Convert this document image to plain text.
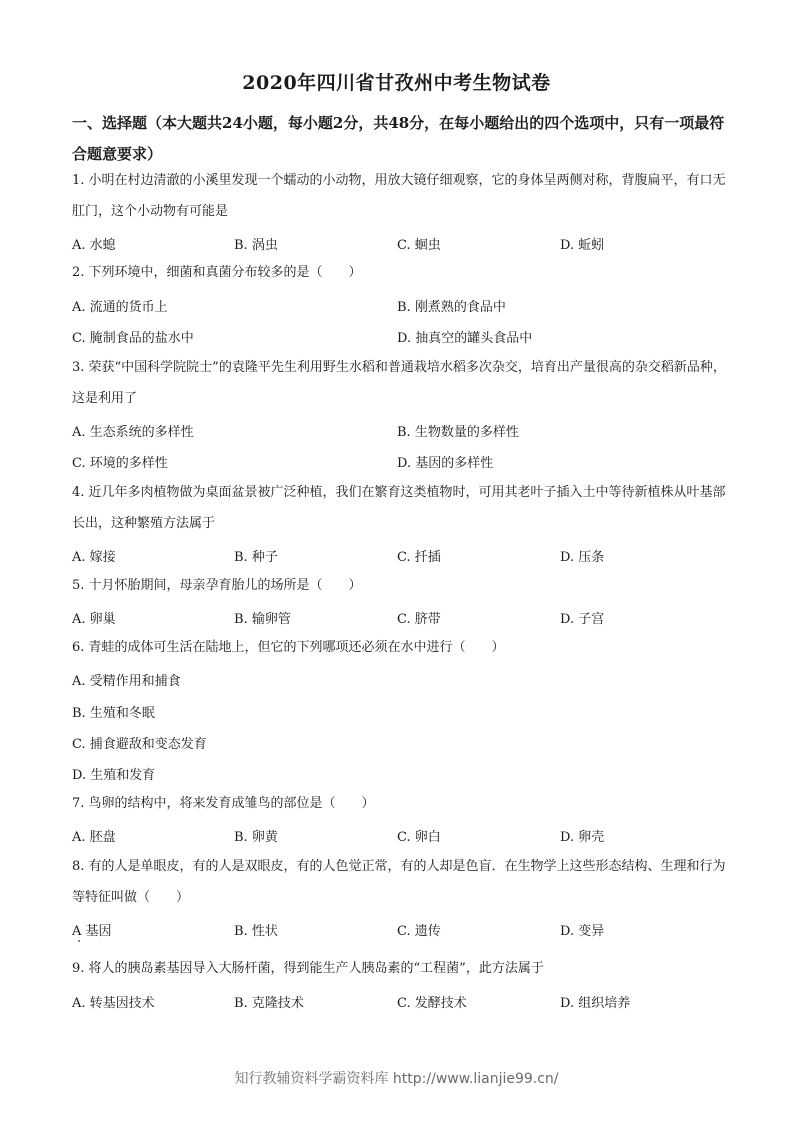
2020年四川省甘孜州中考生物试卷
一、选择题（本大题共24小题，每小题2分，共48分，在每小题给出的四个选项中，只有一项最符合题意要求）
1. 小明在村边清澈的小溪里发现一个蠕动的小动物，用放大镜仔细观察，它的身体呈两侧对称，背腹扁平，有口无肛门，这个小动物有可能是
A. 水螅	B. 涡虫	C. 蛔虫	D. 蚯蚓
2. 下列环境中，细菌和真菌分布较多的是（　　）
A. 流通的货币上	B. 刚煮熟的食品中
C. 腌制食品的盐水中	D. 抽真空的罐头食品中
3. 荣获“中国科学院院士”的袁隆平先生利用野生水稻和普通栽培水稻多次杂交，培育出产量很高的杂交稻新品种，这是利用了
A. 生态系统的多样性	B. 生物数量的多样性
C. 环境的多样性	D. 基因的多样性
4. 近几年多肉植物做为桌面盆景被广泛种植，我们在繁育这类植物时，可用其老叶子插入土中等待新植株从叶基部长出，这种繁殖方法属于
A. 嫁接	B. 种子	C. 扦插	D. 压条
5. 十月怀胎期间，母亲孕育胎儿的场所是（　　）
A. 卵巢	B. 输卵管	C. 脐带	D. 子宫
6. 青蛙的成体可生活在陆地上，但它的下列哪项还必须在水中进行（　　）
A. 受精作用和捕食
B. 生殖和冬眠
C. 捕食避敌和变态发育
D. 生殖和发育
7. 鸟卵的结构中，将来发育成雏鸟的部位是（　　）
A. 胚盘	B. 卵黄	C. 卵白	D. 卵壳
8. 有的人是单眼皮，有的人是双眼皮，有的人色觉正常，有的人却是色盲．在生物学上这些形态结构、生理和行为等特征叫做（　　）
A 基因	B. 性状	C. 遗传	D. 变异
9. 将人的胰岛素基因导入大肠杆菌，得到能生产人胰岛素的“工程菌”，此方法属于
A. 转基因技术	B. 克隆技术	C. 发酵技术	D. 组织培养
知行教辅资料学霸资料库 http://www.lianjie99.cn/
